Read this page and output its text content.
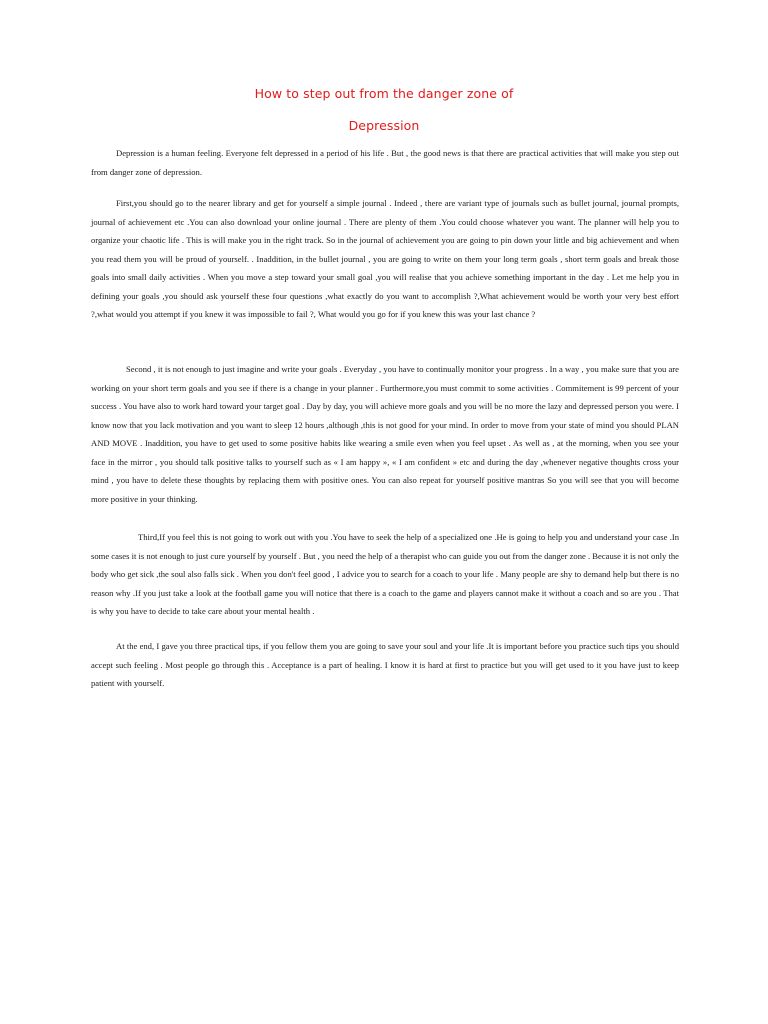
How to step out from the danger zone of
Depression

Depression is a human feeling. Everyone felt depressed in a period of his life . But , the good news is that there are practical activities that will make you step out from danger zone of depression.

First,you should go to the nearer library and get for yourself a simple journal . Indeed , there are variant type of journals such as bullet journal, journal prompts, journal of achievement etc .You can also download your online journal . There are plenty of them .You could choose whatever you want. The planner will help you to organize your chaotic life . This is will make you in the right track. So in the journal of achievement you are going to pin down your little and big achievement and when you read them you will be proud of yourself. . Inaddition, in the bullet journal , you are going to write on them your long term goals , short term goals and break those goals into small daily activities . When you move a step toward your small goal ,you will realise that you achieve something important in the day . Let me help you in defining your goals ,you should ask yourself these four questions ,what exactly do you want to accomplish ?,What achievement would be worth your very best effort ?,what would you attempt if you knew it was impossible to fail ?, What would you go for if you knew this was your last chance ?

Second , it is not enough to just imagine and write your goals . Everyday , you have to continually monitor your progress . In a way , you make sure that you are working on your short term goals and you see if there is a change in your planner . Furthermore,you must commit to some activities . Commitement is 99 percent of your success . You have also to work hard toward your target goal . Day by day, you will achieve more goals and you will be no more the lazy and depressed person you were. I know now that you lack motivation and you want to sleep 12 hours ,although ,this is not good for your mind. In order to move from your state of mind you should PLAN AND MOVE . Inaddition, you have to get used to some positive habits like wearing a smile even when you feel upset . As well as , at the morning, when you see your face in the mirror , you should talk positive talks to yourself such as « I am happy », « I am confident » etc and during the day ,whenever negative thoughts cross your mind , you have to delete these thoughts by replacing them with positive ones. You can also repeat for yourself positive mantras So you will see that you will become more positive in your thinking.

Third,If you feel this is not going to work out with you .You have to seek the help of a specialized one .He is going to help you and understand your case .In some cases it is not enough to just cure yourself by yourself . But , you need the help of a therapist who can guide you out from the danger zone . Because it is not only the body who get sick ,the soul also falls sick . When you don't feel good , I advice you to search for a coach to your life . Many people are shy to demand help but there is no reason why .If you just take a look at the football game you will notice that there is a coach to the game and players cannot make it without a coach and so are you . That is why you have to decide to take care about your mental health .

At the end, I gave you three practical tips, if you fellow them you are going to save your soul and your life .It is important before you practice such tips you should accept such feeling . Most people go through this . Acceptance is a part of healing. I know it is hard at first to practice but you will get used to it you have just to keep patient with yourself.
